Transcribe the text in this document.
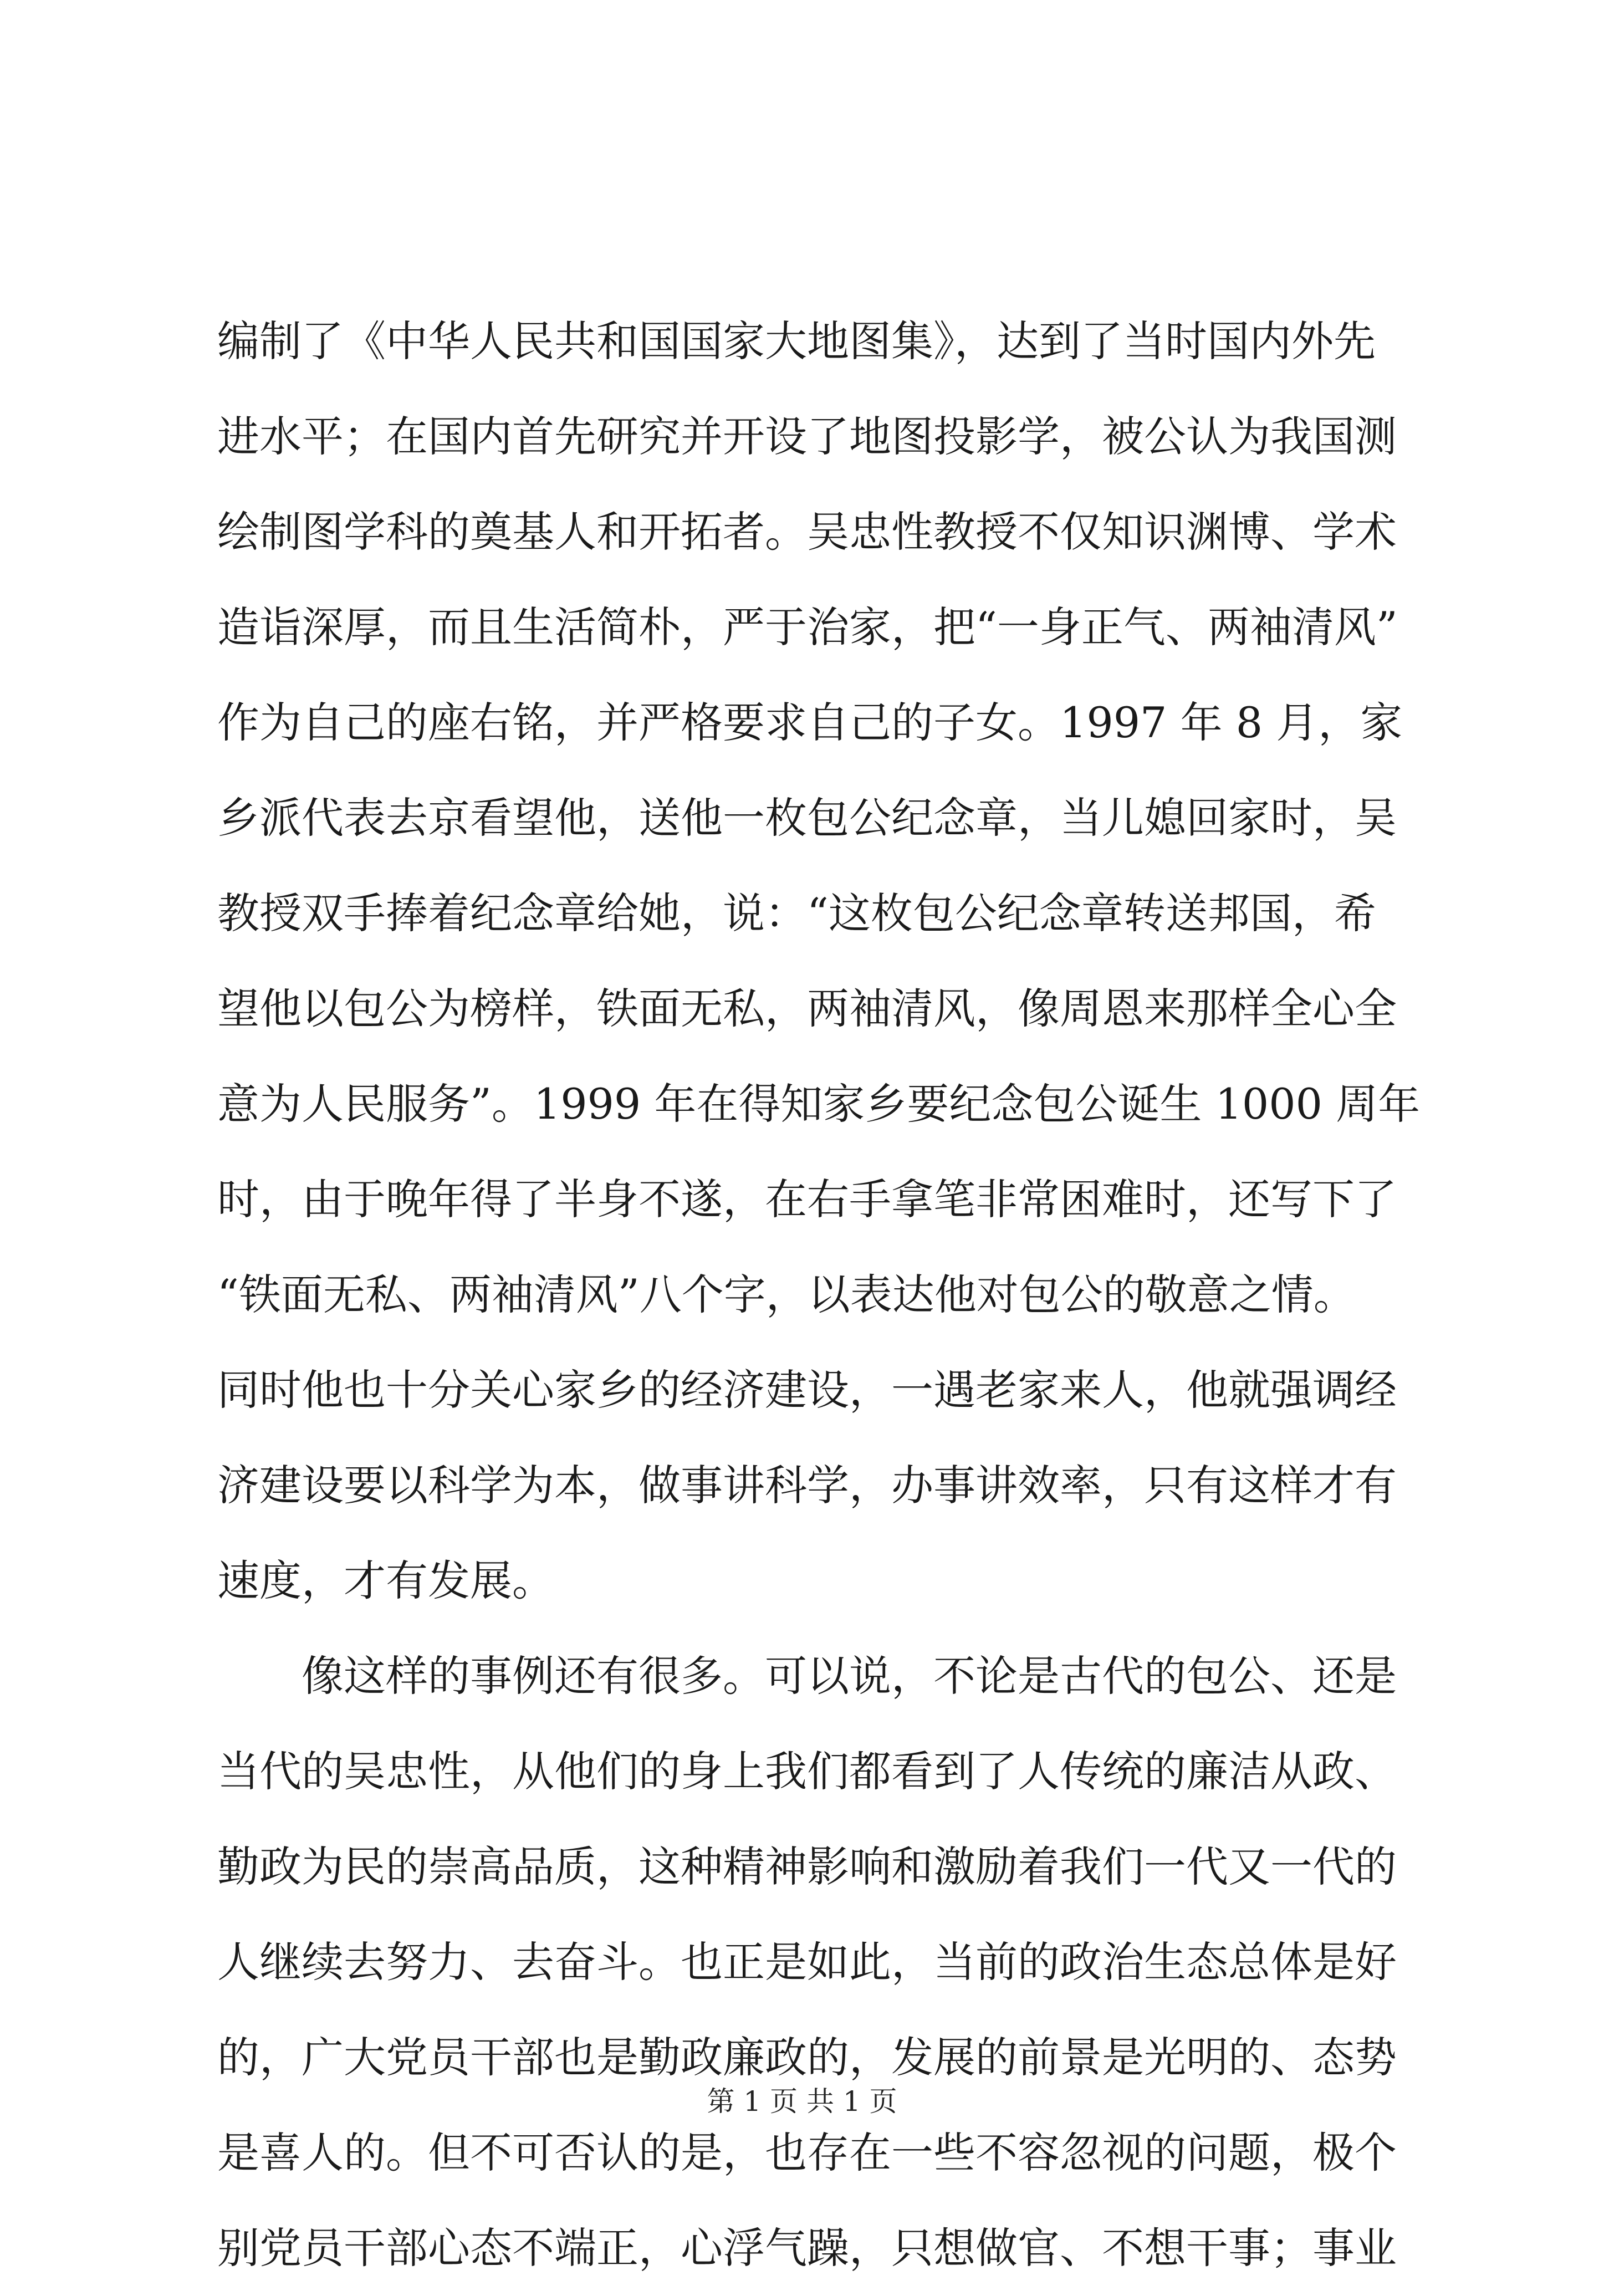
编制了《中华人民共和国国家大地图集》，达到了当时国内外先
进水平；在国内首先研究并开设了地图投影学，被公认为我国测
绘制图学科的奠基人和开拓者。吴忠性教授不仅知识渊博、学术
造诣深厚，而且生活简朴，严于治家，把“一身正气、两袖清风”
作为自己的座右铭，并严格要求自己的子女。1997 年 8 月，家
乡派代表去京看望他，送他一枚包公纪念章，当儿媳回家时，吴
教授双手捧着纪念章给她，说：“这枚包公纪念章转送邦国，希
望他以包公为榜样，铁面无私，两袖清风，像周恩来那样全心全
意为人民服务”。1999 年在得知家乡要纪念包公诞生 1000 周年
时，由于晚年得了半身不遂，在右手拿笔非常困难时，还写下了
“铁面无私、两袖清风”八个字，以表达他对包公的敬意之情。
同时他也十分关心家乡的经济建设，一遇老家来人，他就强调经
济建设要以科学为本，做事讲科学，办事讲效率，只有这样才有
速度，才有发展。
像这样的事例还有很多。可以说，不论是古代的包公、还是
当代的吴忠性，从他们的身上我们都看到了人传统的廉洁从政、
勤政为民的崇高品质，这种精神影响和激励着我们一代又一代的
人继续去努力、去奋斗。也正是如此，当前的政治生态总体是好
的，广大党员干部也是勤政廉政的，发展的前景是光明的、态势
是喜人的。但不可否认的是，也存在一些不容忽视的问题，极个
别党员干部心态不端正，心浮气躁，只想做官、不想干事；事业
第 1 页 共 1 页
